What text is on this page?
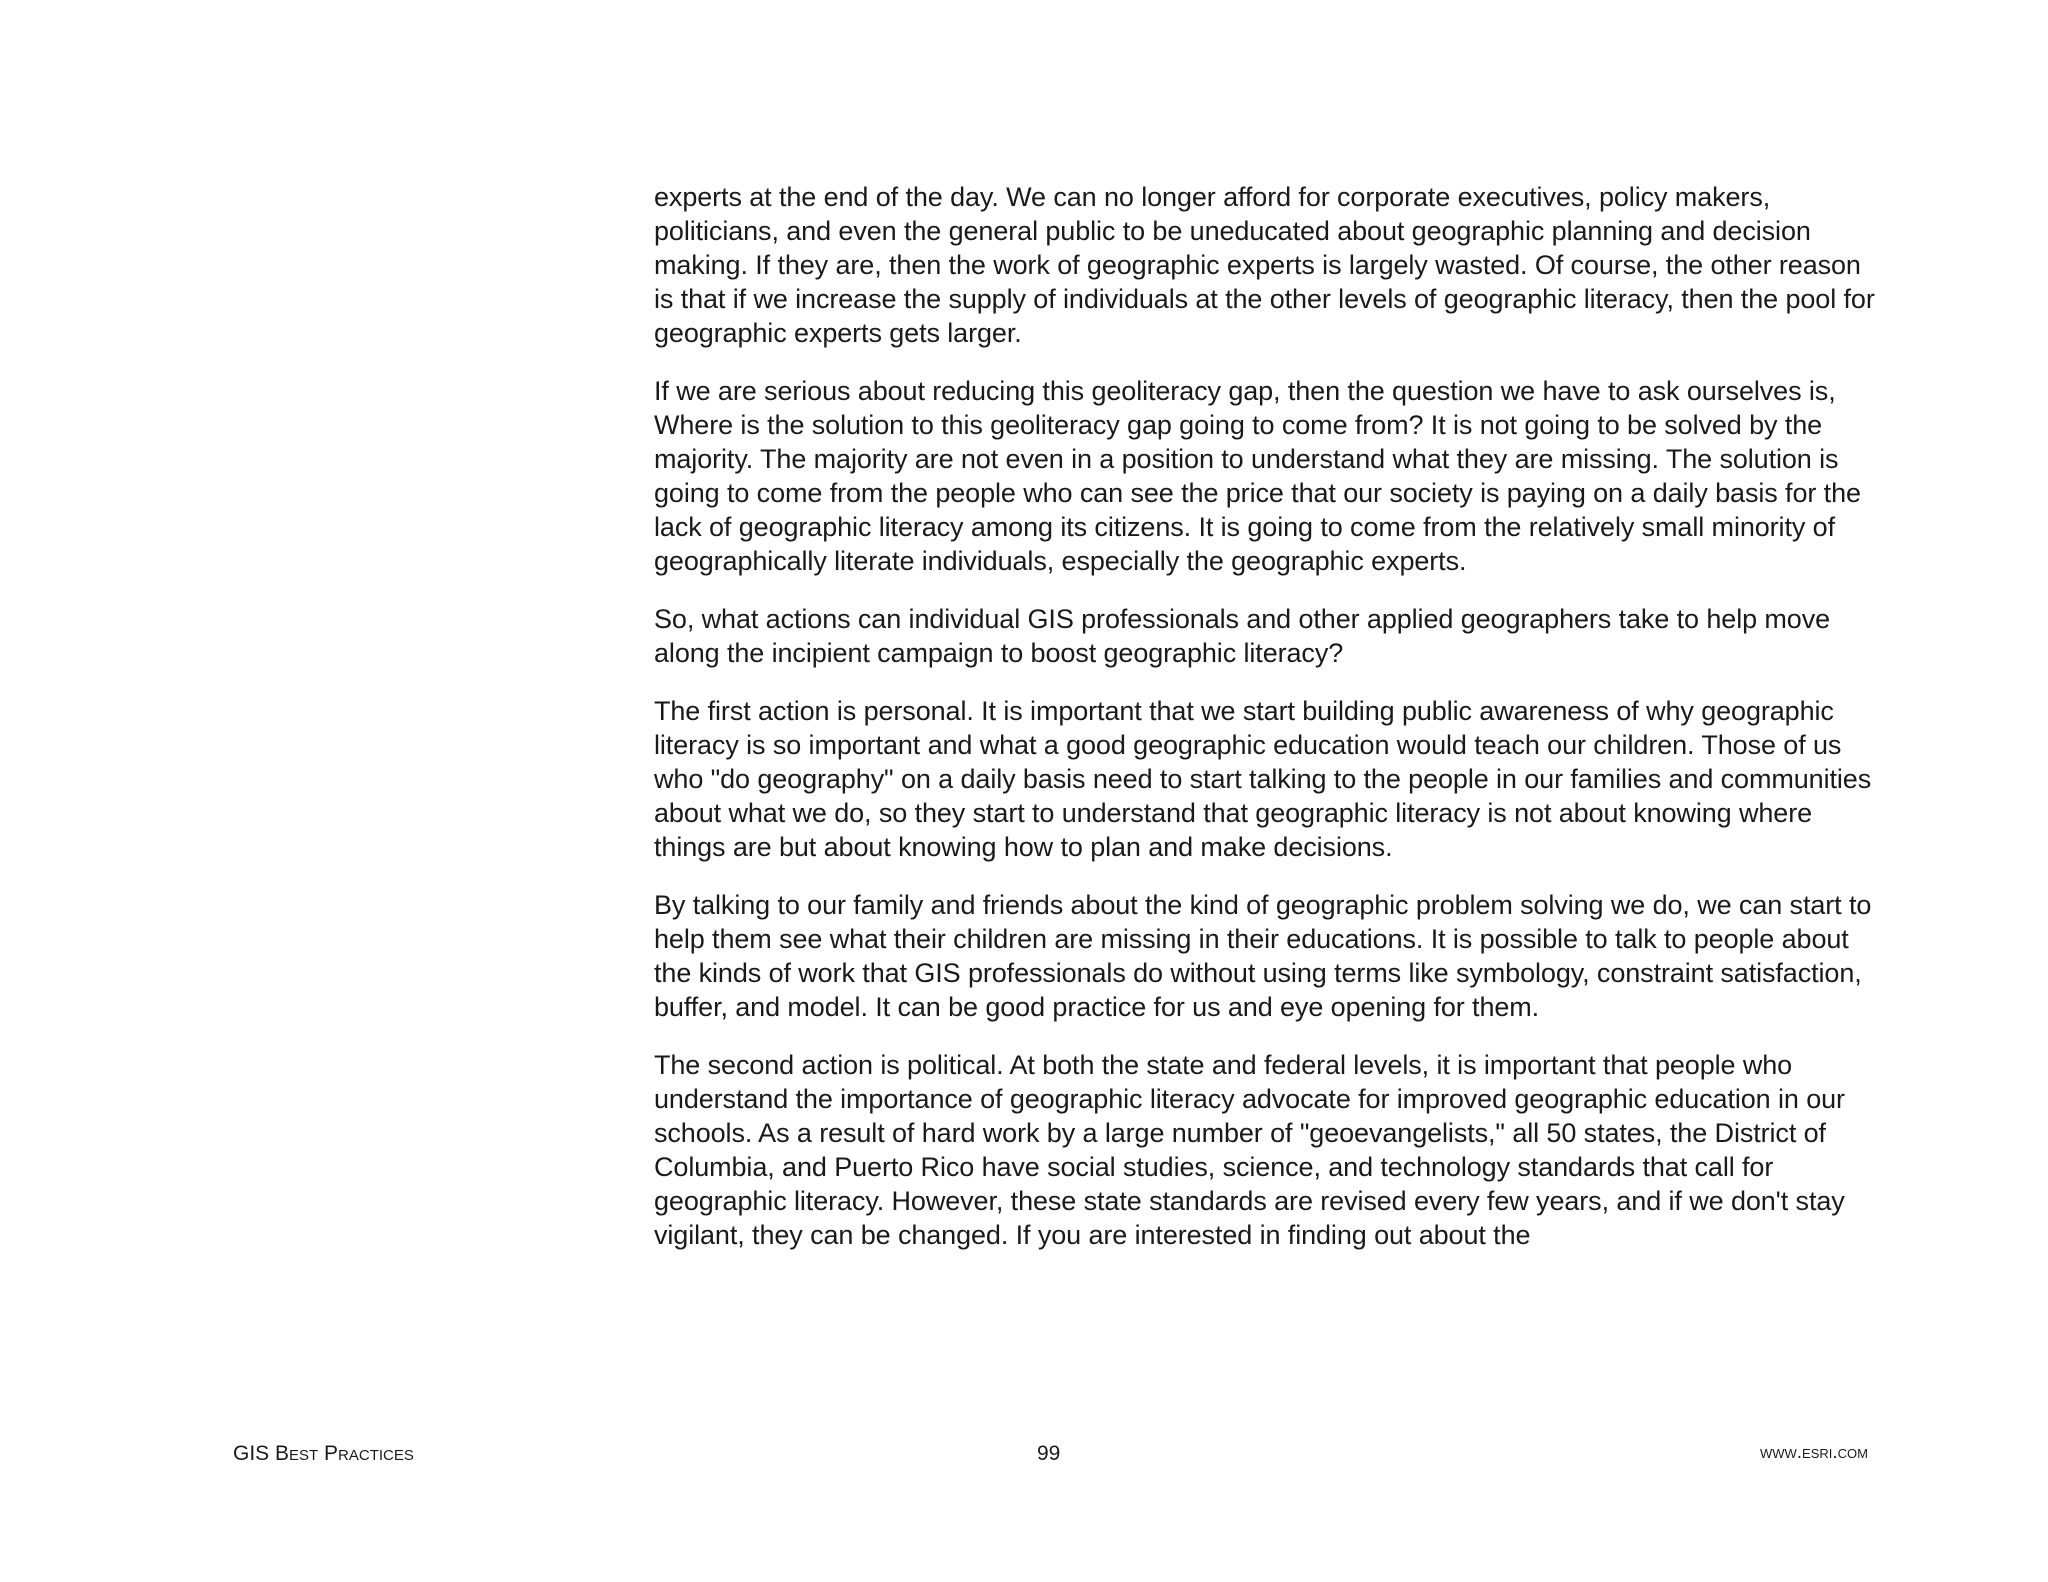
experts at the end of the day. We can no longer afford for corporate executives, policy makers, politicians, and even the general public to be uneducated about geographic planning and decision making. If they are, then the work of geographic experts is largely wasted. Of course, the other reason is that if we increase the supply of individuals at the other levels of geographic literacy, then the pool for geographic experts gets larger.

If we are serious about reducing this geoliteracy gap, then the question we have to ask ourselves is, Where is the solution to this geoliteracy gap going to come from? It is not going to be solved by the majority. The majority are not even in a position to understand what they are missing. The solution is going to come from the people who can see the price that our society is paying on a daily basis for the lack of geographic literacy among its citizens. It is going to come from the relatively small minority of geographically literate individuals, especially the geographic experts.

So, what actions can individual GIS professionals and other applied geographers take to help move along the incipient campaign to boost geographic literacy?

The first action is personal. It is important that we start building public awareness of why geographic literacy is so important and what a good geographic education would teach our children. Those of us who "do geography" on a daily basis need to start talking to the people in our families and communities about what we do, so they start to understand that geographic literacy is not about knowing where things are but about knowing how to plan and make decisions.

By talking to our family and friends about the kind of geographic problem solving we do, we can start to help them see what their children are missing in their educations. It is possible to talk to people about the kinds of work that GIS professionals do without using terms like symbology, constraint satisfaction, buffer, and model. It can be good practice for us and eye opening for them.

The second action is political. At both the state and federal levels, it is important that people who understand the importance of geographic literacy advocate for improved geographic education in our schools. As a result of hard work by a large number of "geoevangelists," all 50 states, the District of Columbia, and Puerto Rico have social studies, science, and technology standards that call for geographic literacy. However, these state standards are revised every few years, and if we don't stay vigilant, they can be changed. If you are interested in finding out about the

GIS Best Practices	99	www.esri.com
